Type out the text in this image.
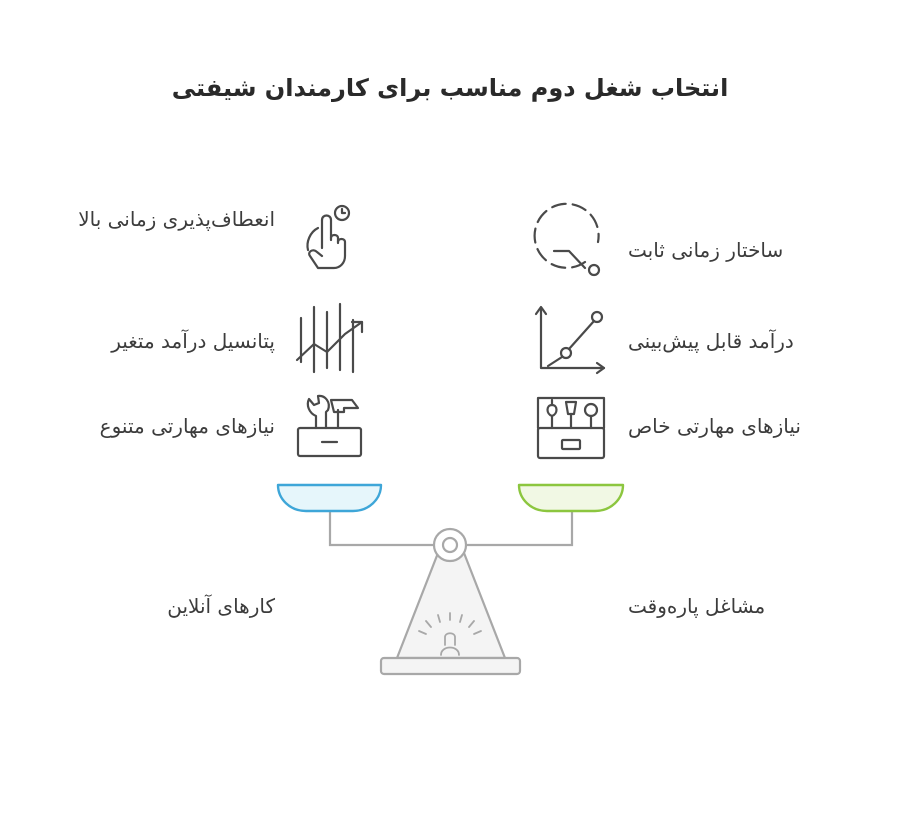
انتخاب شغل دوم مناسب برای کارمندان شیفتی
ساختار زمانی ثابت
درآمد قابل پیش‌بینی
نیازهای مهارتی خاص
مشاغل پاره‌وقت
انعطاف‌پذیری زمانی بالا
پتانسیل درآمد متغیر
نیازهای مهارتی متنوع
کارهای آنلاین
